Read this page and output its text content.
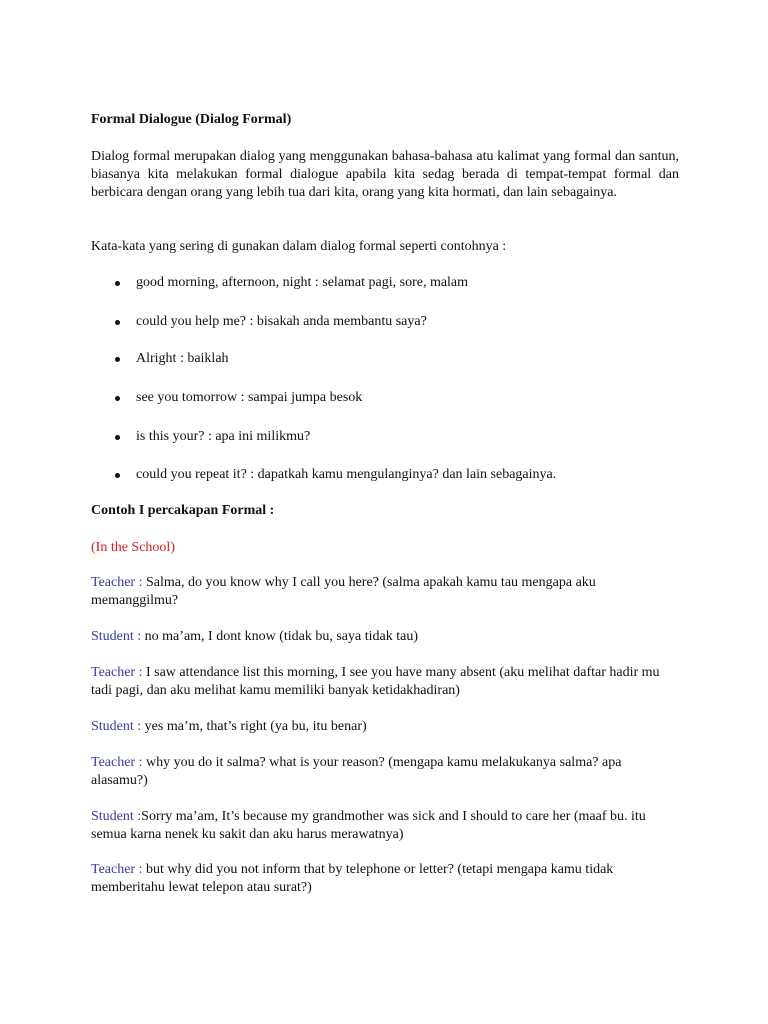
Formal Dialogue (Dialog Formal)
Dialog formal merupakan dialog yang menggunakan bahasa-bahasa atu kalimat yang formal dan santun, biasanya kita melakukan formal dialogue apabila kita sedag berada di tempat-tempat formal dan berbicara dengan orang yang lebih tua dari kita, orang yang kita hormati, dan lain sebagainya.
Kata-kata yang sering di gunakan dalam dialog formal seperti contohnya :
good morning, afternoon, night : selamat pagi, sore, malam
could you help me? : bisakah anda membantu saya?
Alright : baiklah
see you tomorrow : sampai jumpa besok
is this your? : apa ini milikmu?
could you repeat it? : dapatkah kamu mengulanginya? dan lain sebagainya.
Contoh I percakapan Formal :
(In the School)
Teacher : Salma, do you know why I call you here? (salma apakah kamu tau mengapa aku memanggilmu?
Student : no ma’am, I dont know (tidak bu, saya tidak tau)
Teacher : I saw attendance list this morning, I see you have many absent (aku melihat daftar hadir mu tadi pagi, dan aku melihat kamu memiliki banyak ketidakhadiran)
Student : yes ma’m, that’s right (ya bu, itu benar)
Teacher : why you do it salma? what is your reason? (mengapa kamu melakukanya salma? apa alasamu?)
Student :Sorry ma’am, It’s because my grandmother was sick and I should to care her (maaf bu. itu semua karna nenek ku sakit dan aku harus merawatnya)
Teacher : but why did you not inform that by telephone or letter? (tetapi mengapa kamu tidak memberitahu lewat telepon atau surat?)
